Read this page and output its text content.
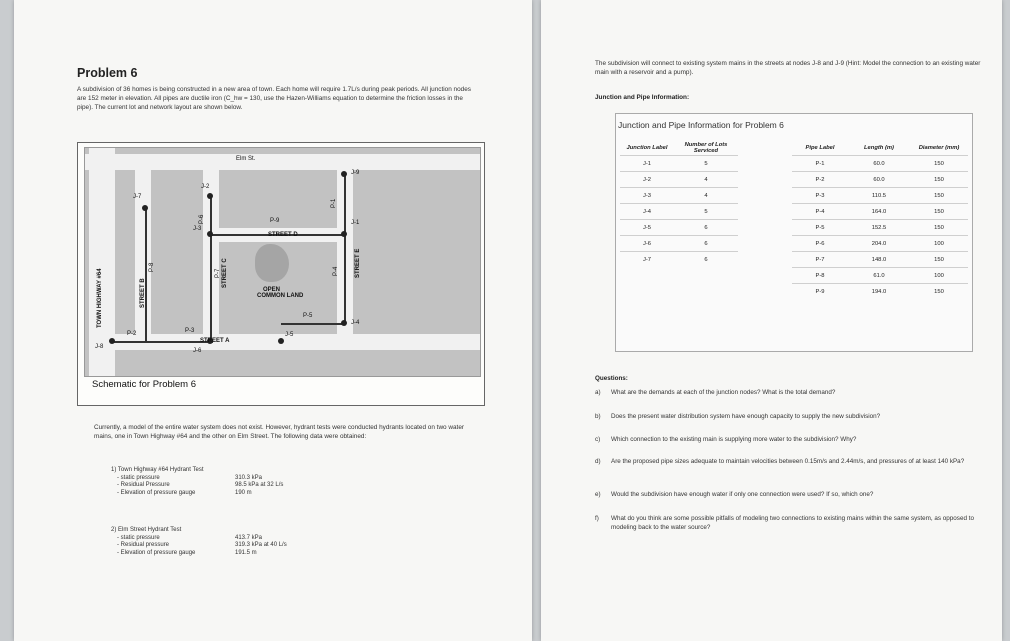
Problem 6
A subdivision of 36 homes is being constructed in a new area of town. Each home will require 1.7L/s during peak periods. All junction nodes are 152 meter in elevation. All pipes are ductile iron (C_hw = 130, use the Hazen-Williams equation to determine the friction losses in the pipe). The current lot and network layout are shown below.
Elm St.
TOWN HIGHWAY #64	STREET B
STREET C	STREET E
STREET D
STREET A
COMMON LAND
OPEN
J-8
J-7
J-2
J-3
J-6
J-9
J-1
J-4
J-5
P-1
P-2	P-3
P-4
P-5
P-6
P-7
P-8
P-9
Schematic for Problem 6
Currently, a model of the entire water system does not exist. However, hydrant tests were conducted hydrants located on two water mains, one in Town Highway #64 and the other on Elm Street. The following data were obtained:
1) Town Highway #64 Hydrant Test
- static pressure	310.3 kPa
- Residual Pressure	98.5 kPa at 32 L/s
- Elevation of pressure gauge	190 m
2) Elm Street Hydrant Test
- static pressure	413.7 kPa
- Residual pressure	319.3 kPa at 40 L/s
- Elevation of pressure gauge	191.5 m
The subdivision will connect to existing system mains in the streets at nodes J-8 and J-9 (Hint: Model the connection to an existing water main with a reservoir and a pump).
Junction and Pipe Information:
Junction and Pipe Information for Problem 6
Junction Label	Number of Lots Serviced
J-1	5
J-2	4
J-3	4
J-4	5
J-5	6
J-6	6
J-7	6
Pipe Label	Length (m)	Diameter (mm)
P-1	60.0	150
P-2	60.0	150
P-3	110.5	150
P-4	164.0	150
P-5	152.5	150
P-6	204.0	100
P-7	148.0	150
P-8	61.0	100
P-9	194.0	150
Questions:
a) What are the demands at each of the junction nodes? What is the total demand?
b) Does the present water distribution system have enough capacity to supply the new subdivision?
c) Which connection to the existing main is supplying more water to the subdivision? Why?
d)	Are the proposed pipe sizes adequate to maintain velocities between 0.15m/s and 2.44m/s, and pressures of at least 140 kPa?
e) Would the subdivision have enough water if only one connection were used? If so, which one?
f)	What do you think are some possible pitfalls of modeling two connections to existing mains within the same system, as opposed to modeling back to the water source?
